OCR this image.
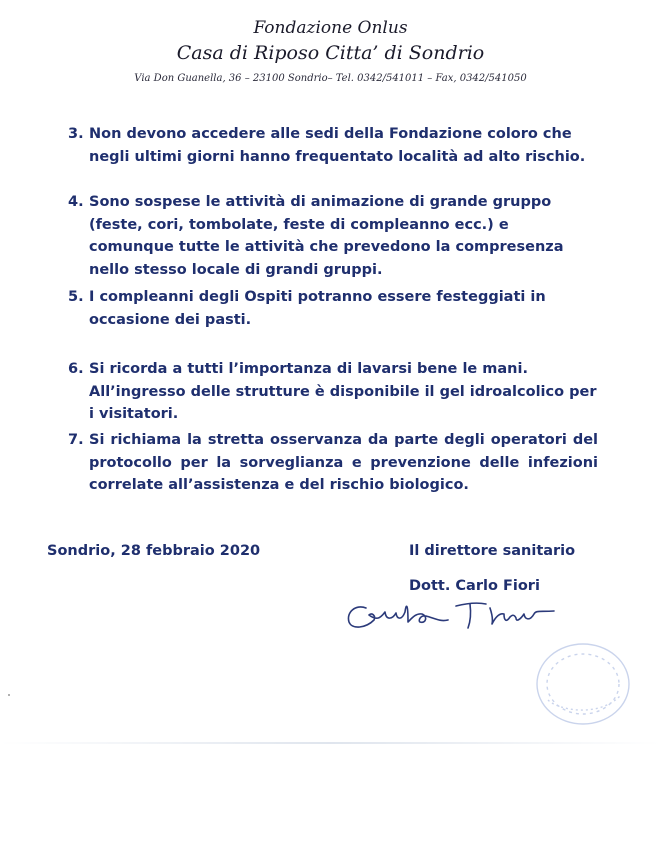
Fondazione Onlus
Casa di Riposo Citta’ di Sondrio
Via Don Guanella, 36 – 23100 Sondrio– Tel. 0342/541011 – Fax, 0342/541050
3. Non devono accedere alle sedi della Fondazione coloro che negli ultimi giorni hanno frequentato località ad alto rischio.
4. Sono sospese le attività di animazione di grande gruppo (feste, cori, tombolate, feste di compleanno ecc.) e comunque tutte le attività che prevedono la compresenza nello stesso locale di grandi gruppi.
5. I compleanni degli Ospiti potranno essere festeggiati in occasione dei pasti.
6. Si ricorda a tutti l’importanza di lavarsi bene le mani. All’ingresso delle strutture è disponibile il gel idroalcolico per i visitatori.
7. Si richiama la stretta osservanza da parte degli operatori del protocollo per la sorveglianza e prevenzione delle infezioni correlate all’assistenza e del rischio biologico.
Sondrio, 28 febbraio 2020	Il direttore sanitario
Dott. Carlo Fiori
